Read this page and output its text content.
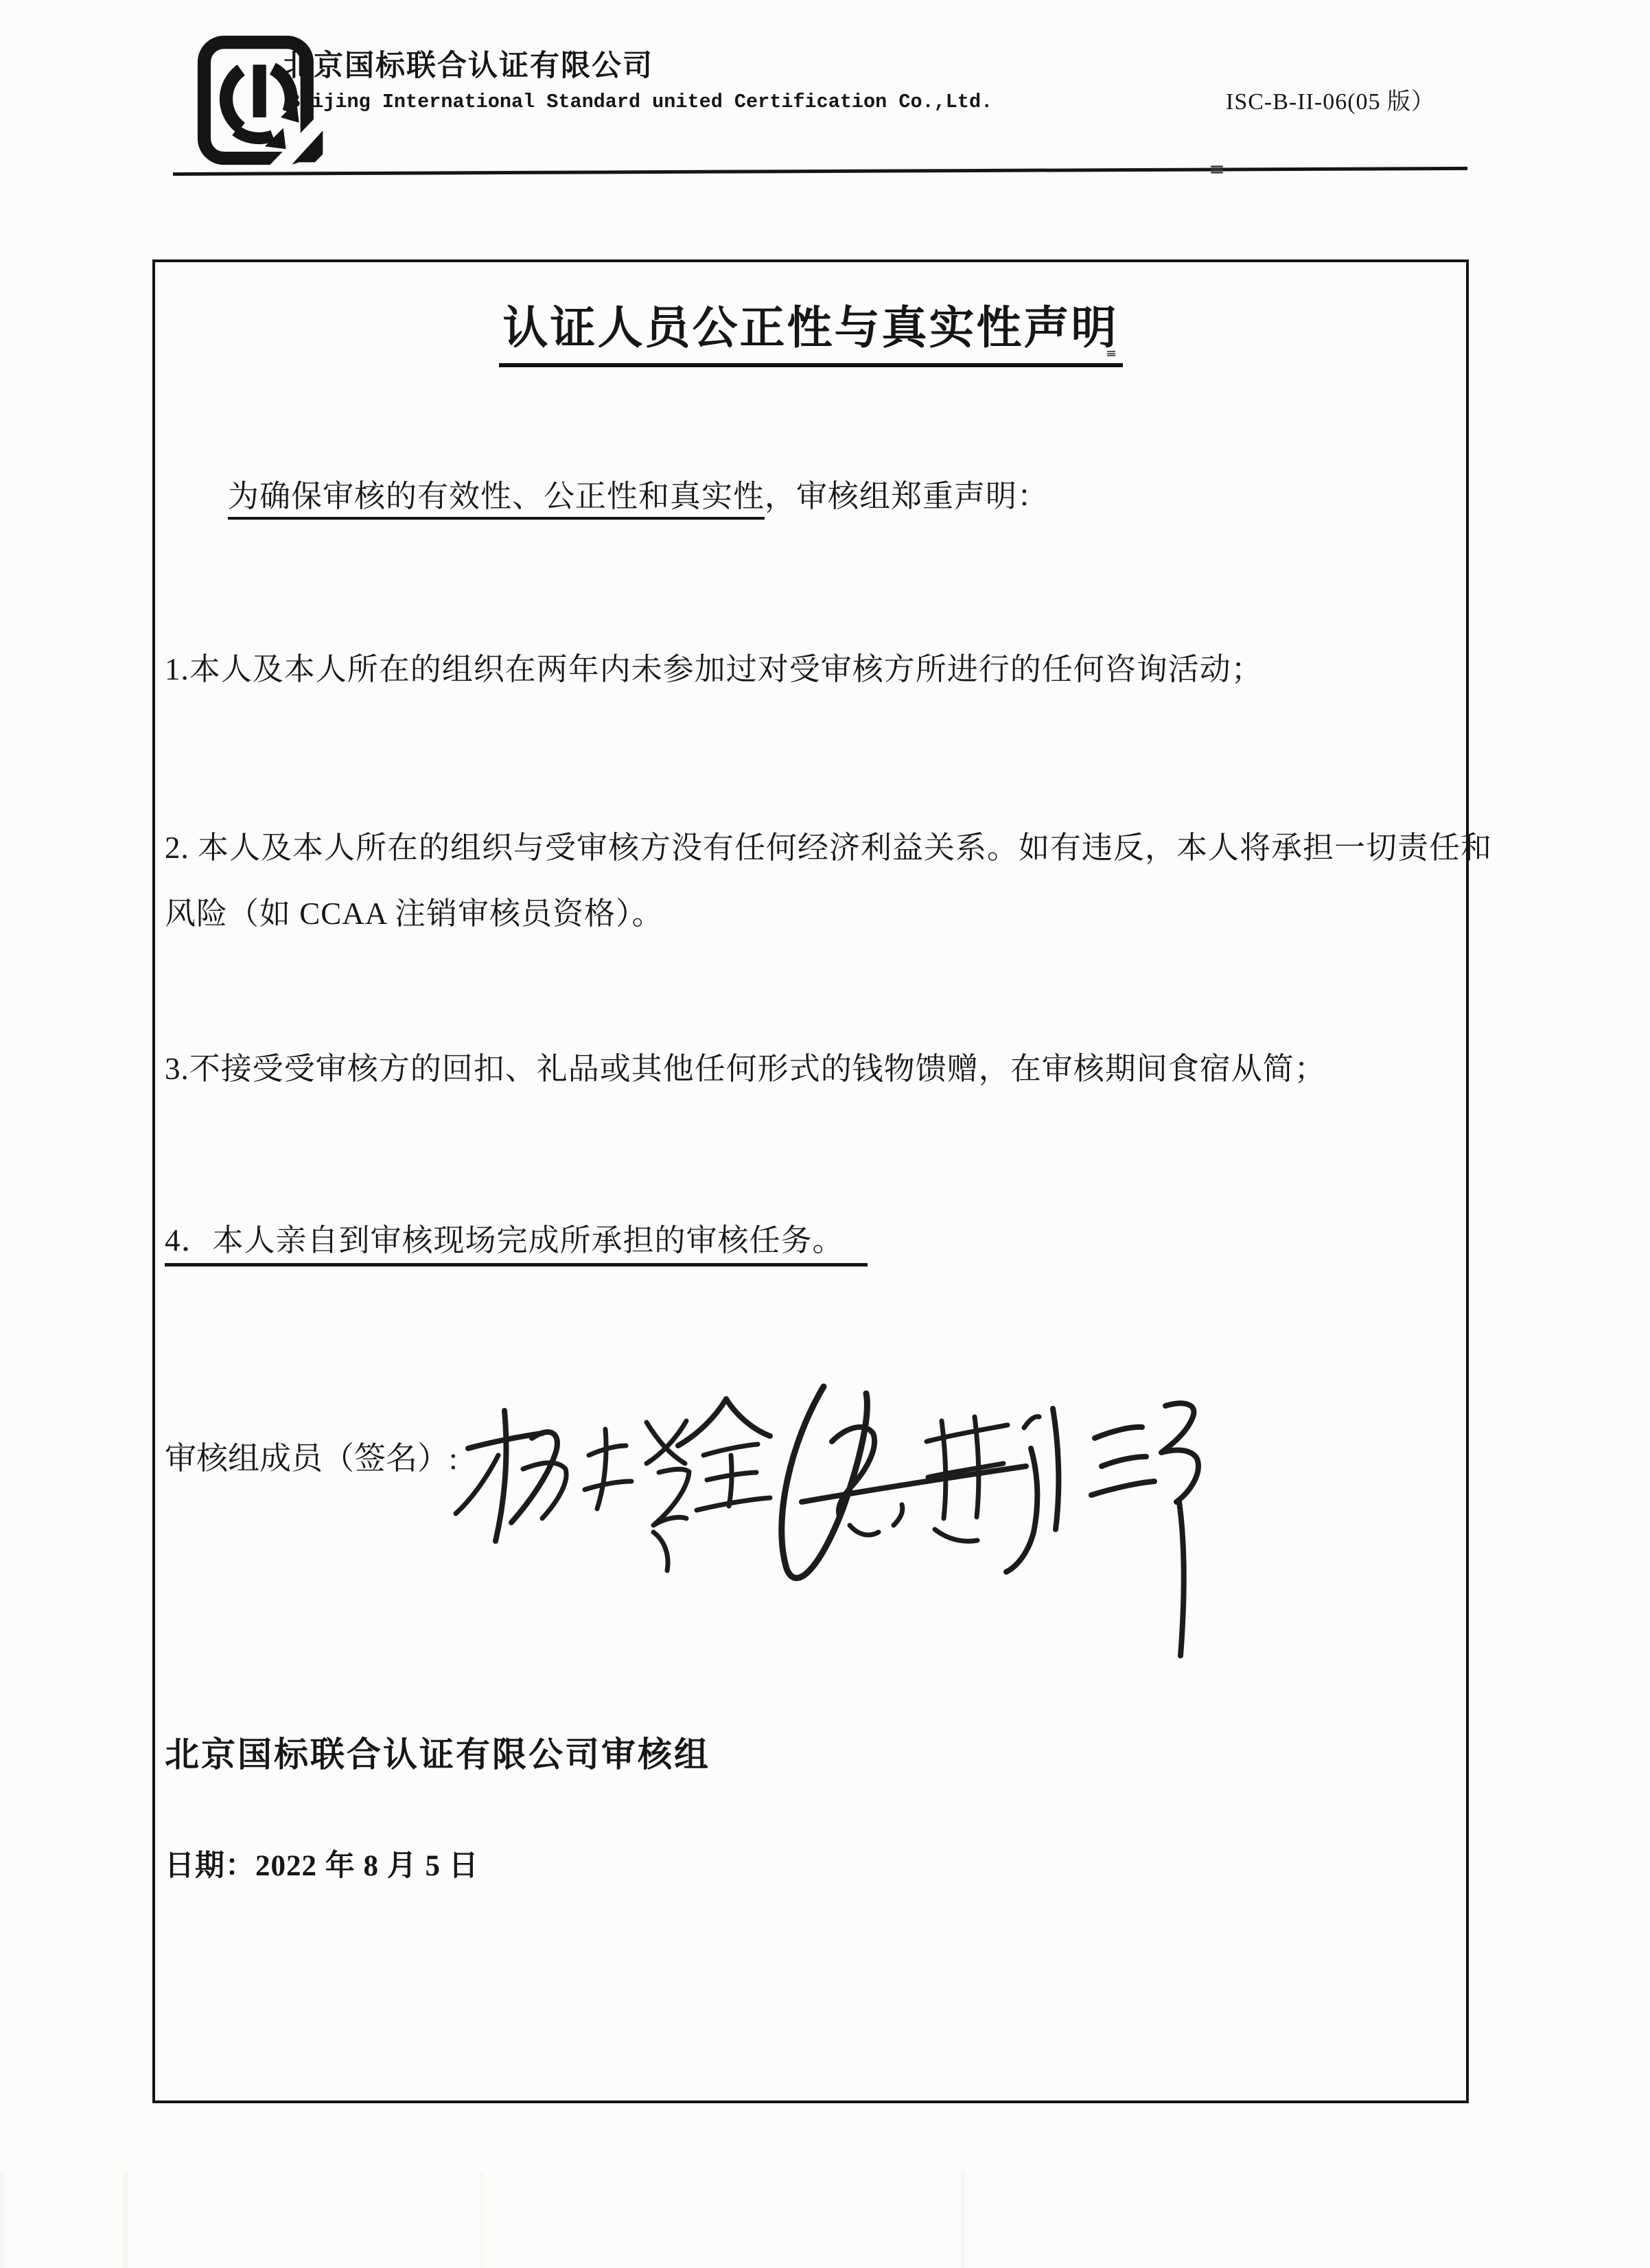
北京国标联合认证有限公司
Beijing International Standard united Certification Co.,Ltd.	ISC-B-II-06(05 版）
认证人员公正性与真实性声明
为确保审核的有效性、公正性和真实性，审核组郑重声明：
1.本人及本人所在的组织在两年内未参加过对受审核方所进行的任何咨询活动；
2. 本人及本人所在的组织与受审核方没有任何经济利益关系。如有违反，本人将承担一切责任和
风险（如 CCAA 注销审核员资格）。
3.不接受受审核方的回扣、礼品或其他任何形式的钱物馈赠，在审核期间食宿从简；
4．本人亲自到审核现场完成所承担的审核任务。
审核组成员（签名）:
北京国标联合认证有限公司审核组
日期：2022 年 8 月 5 日
